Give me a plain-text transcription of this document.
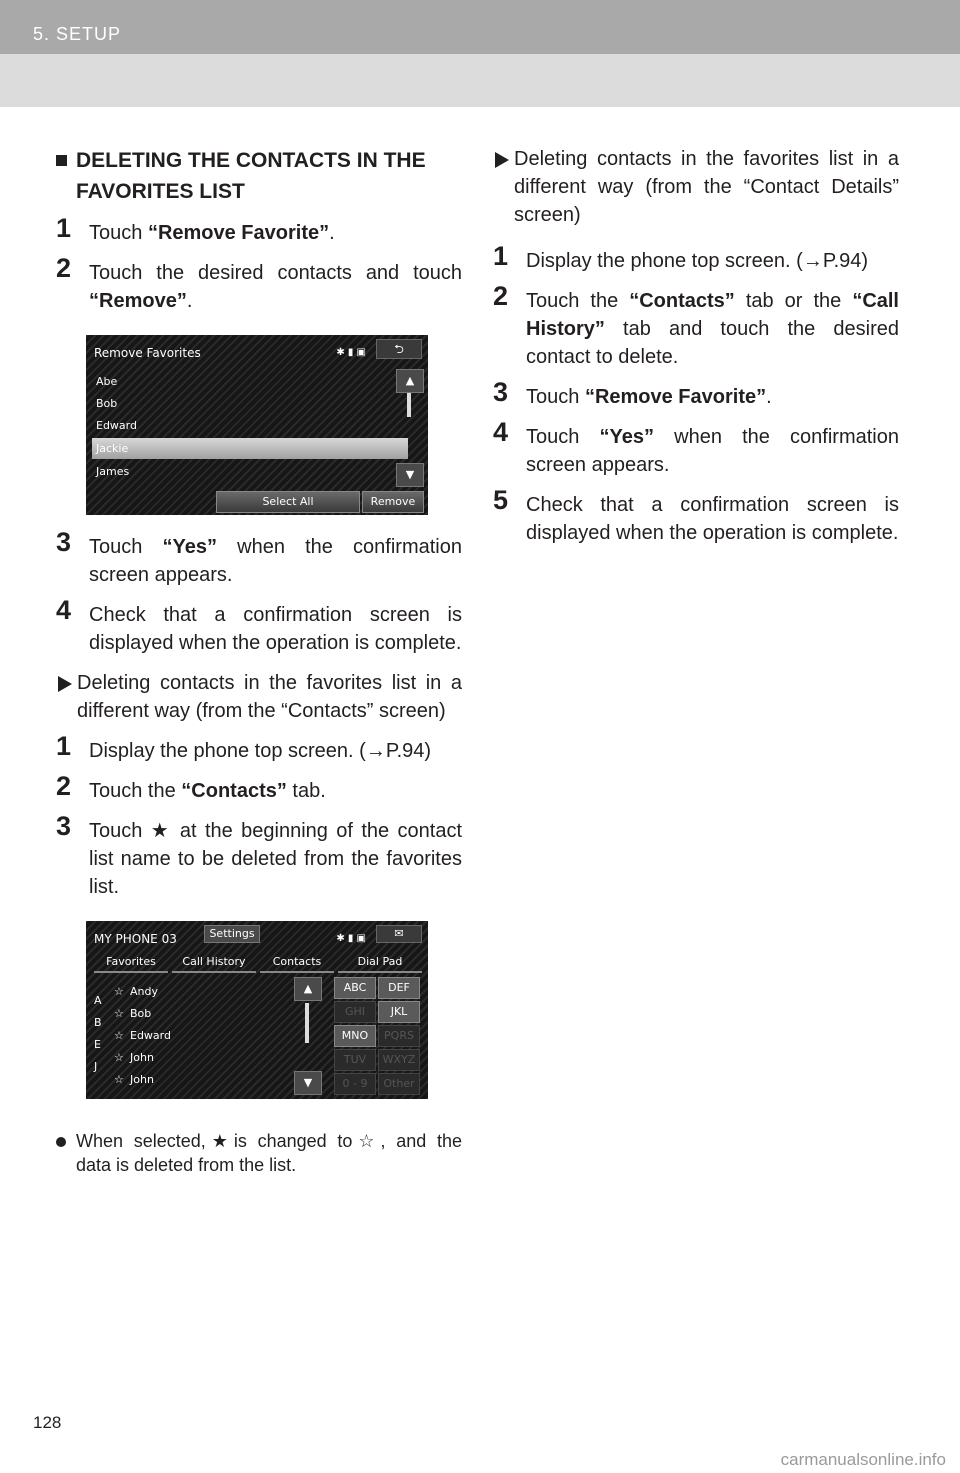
5. SETUP
DELETING THE CONTACTS IN THE FAVORITES LIST
1 Touch “Remove Favorite”.
2 Touch the desired contacts and touch “Remove”.
Remove Favorites	✱ ▮ ▣	⮌
Abe
Bob
Edward
Jackie
James
▲
▼
Select All	Remove
3 Touch “Yes” when the confirmation screen appears.
4 Check that a confirmation screen is displayed when the operation is complete.
Deleting contacts in the favorites list in a different way (from the “Contacts” screen)
1 Display the phone top screen. (→P.94)
2 Touch the “Contacts” tab.
3 Touch ★ at the beginning of the contact list name to be deleted from the favorites list.
MY PHONE 03	Settings	✱ ▮ ▣	✉
Favorites	Call History	Contacts	Dial Pad
A
B
E
J
☆ Andy
☆ Bob
☆ Edward
☆ John
☆ John
▲
▼
ABC	DEF
GHI	JKL
MNO	PQRS
TUV	WXYZ
0 - 9	Other
When selected, ★ is changed to ☆ , and the data is deleted from the list.
Deleting contacts in the favorites list in a different way (from the “Contact Details” screen)
1 Display the phone top screen. (→P.94)
2 Touch the “Contacts” tab or the “Call History” tab and touch the desired contact to delete.
3 Touch “Remove Favorite”.
4 Touch “Yes” when the confirmation screen appears.
5 Check that a confirmation screen is displayed when the operation is complete.
128
carmanualsonline.info
